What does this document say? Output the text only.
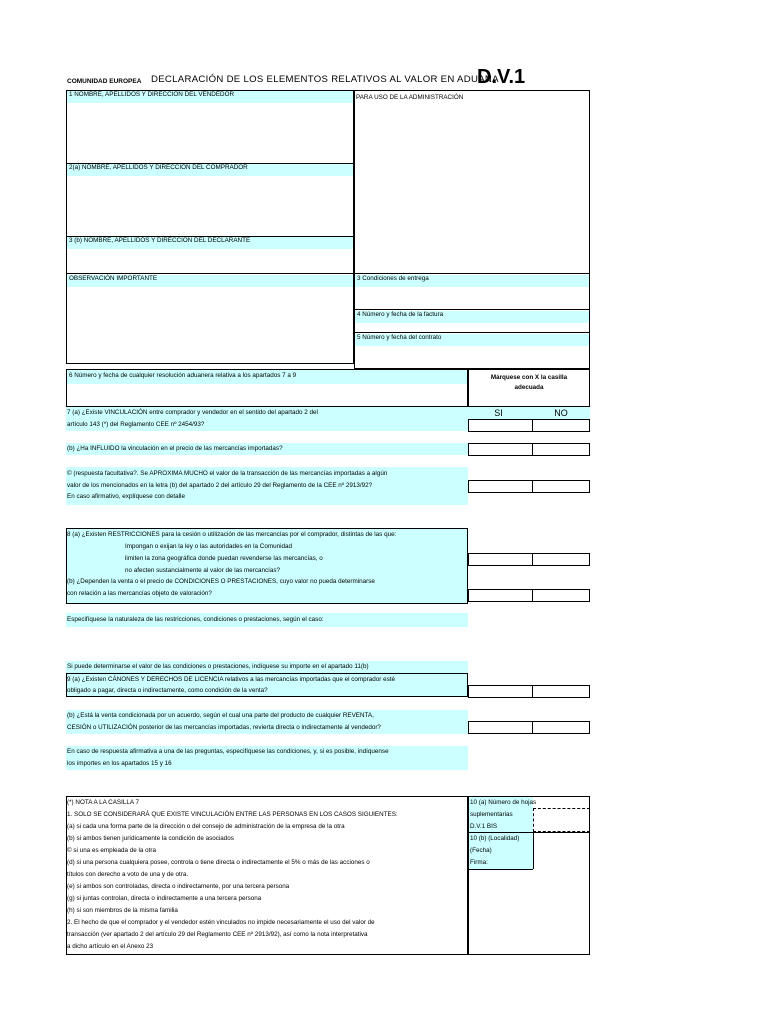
COMUNIDAD EUROPEA DECLARACIÓN DE LOS ELEMENTOS RELATIVOS AL VALOR EN ADUANA
D.V.1
1 NOMBRE, APELLIDOS Y DIRECCIÓN DEL VENDEDOR
2(a) NOMBRE, APELLIDOS Y DIRECCIÓN DEL COMPRADOR
3 (b) NOMBRE, APELLIDOS Y DIRECCIÓN DEL DECLARANTE
OBSERVACIÓN IMPORTANTE
PARA USO DE LA ADMINISTRACIÓN
3 Condiciones de entrega
4 Número y fecha de la factura
5 Número y fecha del contrato
6 Número y fecha de cualquier resolución aduanera relativa a los apartados 7 a 9	Márquese con X la casilla
adecuada
7 (a) ¿Existe VINCULACIÓN entre comprador y vendedor en el sentido del apartado 2 del
artículo 143 (*) del Reglamento CEE nº 2454/93?
SI	NO
(b) ¿Ha INFLUIDO la vinculación en el precio de las mercancías importadas?
© (respuesta facultativa?. Se APROXIMA MUCHO el valor de la transacción de las mercancías importadas a algún
valor de los mencionados en la letra (b) del apartado 2 del artículo 29 del Reglamento de la CEE nº 2913/92?
En caso afirmativo, explíquese con detalle
8 (a) ¿Existen RESTRICCIONES para la cesión o utilización de las mercancías por el comprador, distintas de las que:
Impongan o exijan la ley o las autoridades en la Comunidad
limiten la zona geográfica donde puedan revenderse las mercancías, o
no afecten sustancialmente al valor de las mercancías?
(b) ¿Dependen la venta o el precio de CONDICIONES O PRESTACIONES, cuyo valor no pueda determinarse
con relación a las mercancías objeto de valoración?
Especifíquese la naturaleza de las restricciones, condiciones o prestaciones, según el caso:
Si puede determinarse el valor de las condiciones o prestaciones, indíquese su importe en el apartado 11(b)
9 (a) ¿Existen CÁNONES Y DERECHOS DE LICENCIA relativos a las mercancías importadas que el comprador esté
obligado a pagar, directa o indirectamente, como condición de la venta?
(b) ¿Está la venta condicionada por un acuerdo, según el cual una parte del producto de cualquier REVENTA,
CESIÓN o UTILIZACIÓN posterior de las mercancías importadas, revierta directa o indirectamente al vendedor?
En caso de respuesta afirmativa a una de las preguntas, especifíquese las condiciones, y, si es posible, indíquense
los importes en los apartados 15 y 16
(*) NOTA A LA CASILLA 7
1. SOLO SE CONSIDERARÁ QUE EXISTE VINCULACIÓN ENTRE LAS PERSONAS EN LOS CASOS SIGUIENTES:
(a) si cada una forma parte de la dirección o del consejo de administración de la empresa de la otra
(b) si ambos tienen jurídicamente la condición de asociados
© si una es empleada de la otra
(d) si una persona cualquiera posee, controla o tiene directa o indirectamente el 5% o más de las acciones o
títulos con derecho a voto de una y de otra.
(e) si ambos son controladas, directa o indirectamente, por una tercera persona
(g) si juntas controlan, directa o indirectamente a una tercera persona
(h) si son miembros de la misma familia
2. El hecho de que el comprador y el vendedor estén vinculados no impide necesariamente el uso del valor de
transacción (ver apartado 2 del artículo 29 del Reglamento CEE nº 2913/92), así como la nota interpretativa
a dicho artículo en el Anexo 23
10 (a) Número de hojas
suplementarias
D.V.1 BIS
10 (b) (Localidad)
(Fecha)
Firma:
